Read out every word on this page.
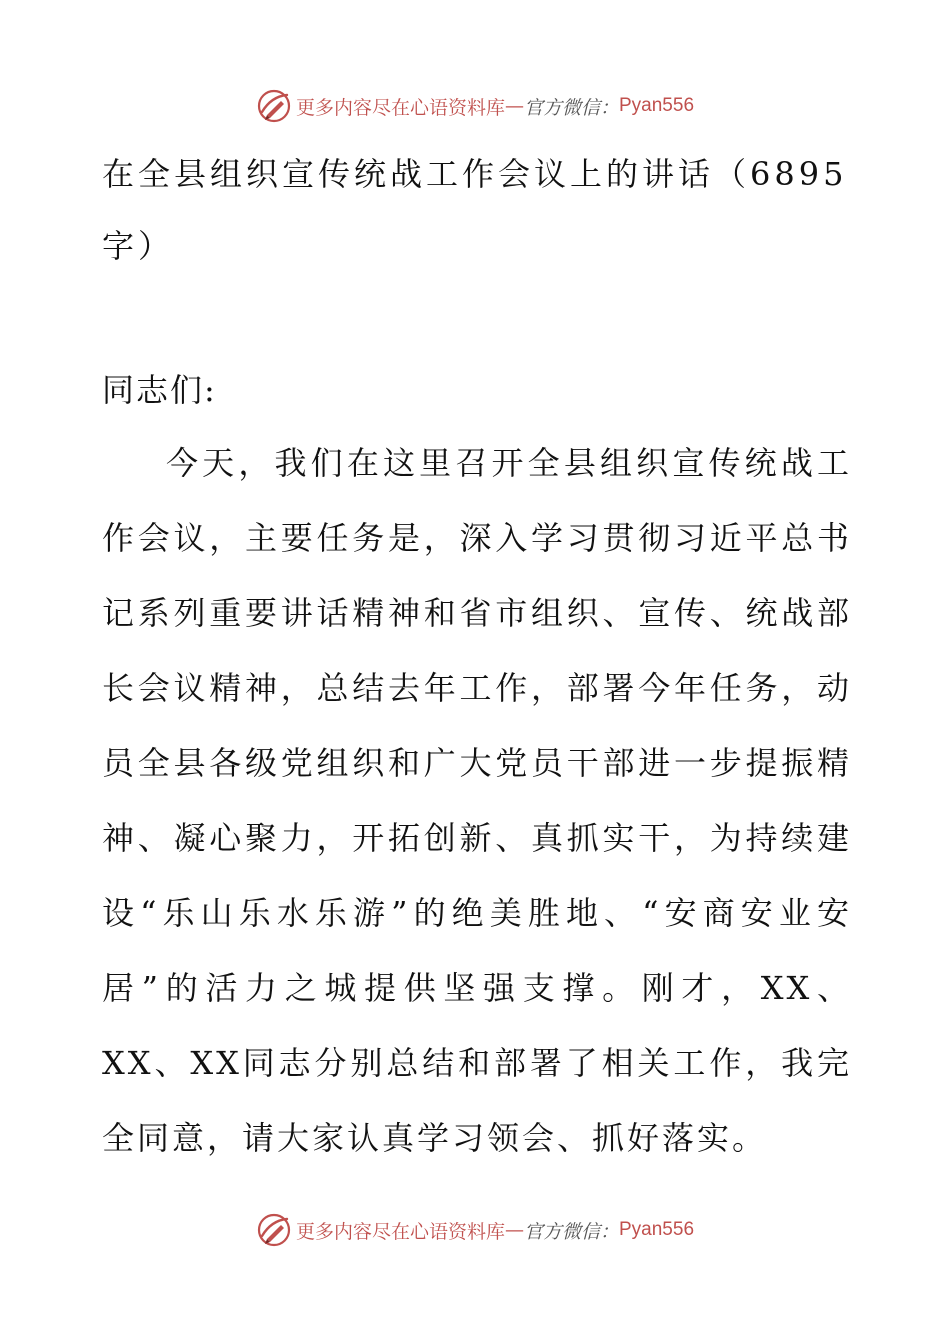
更多内容尽在心语资料库 — 官方微信： Pyan556
在全县组织宣传统战工作会议上的讲话（6895字）
同志们:

今天，我们在这里召开全县组织宣传统战工作会议，主要任务是，深入学习贯彻习近平总书记系列重要讲话精神和省市组织、宣传、统战部长会议精神，总结去年工作，部署今年任务，动员全县各级党组织和广大党员干部进一步提振精神、凝心聚力，开拓创新、真抓实干，为持续建设“乐山乐水乐游”的绝美胜地、“安商安业安居”的活力之城提供坚强支撑。刚才，XX、XX、XX同志分别总结和部署了相关工作，我完全同意，请大家认真学习领会、抓好落实。

更多内容尽在心语资料库 — 官方微信： Pyan556
